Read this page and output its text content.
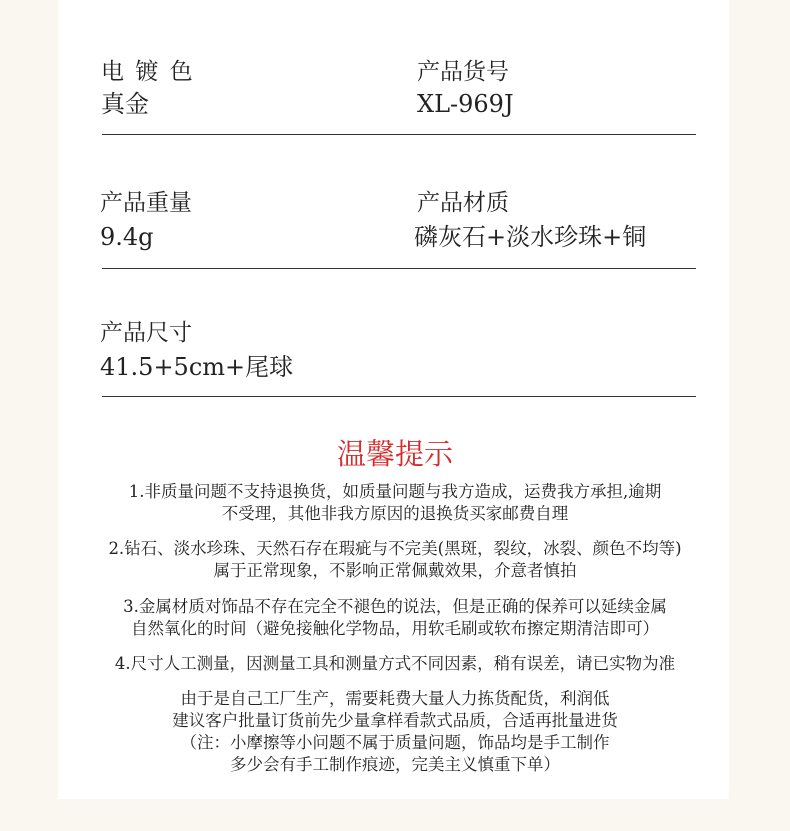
电 镀 色
真金
产品货号
XL-969J
产品重量
9.4g
产品材质
磷灰石+淡水珍珠+铜
产品尺寸
41.5+5cm+尾球
温馨提示
1.非质量问题不支持退换货，如质量问题与我方造成，运费我方承担,逾期
不受理，其他非我方原因的退换货买家邮费自理
2.钻石、淡水珍珠、天然石存在瑕疵与不完美(黑斑，裂纹，冰裂、颜色不均等)
属于正常现象，不影响正常佩戴效果，介意者慎拍
3.金属材质对饰品不存在完全不褪色的说法，但是正确的保养可以延续金属
自然氧化的时间（避免接触化学物品，用软毛刷或软布擦定期清洁即可）
4.尺寸人工测量，因测量工具和测量方式不同因素，稍有误差，请已实物为准
由于是自己工厂生产，需要耗费大量人力拣货配货，利润低
建议客户批量订货前先少量拿样看款式品质，合适再批量进货
（注：小摩擦等小问题不属于质量问题，饰品均是手工制作
多少会有手工制作痕迹，完美主义慎重下单）
